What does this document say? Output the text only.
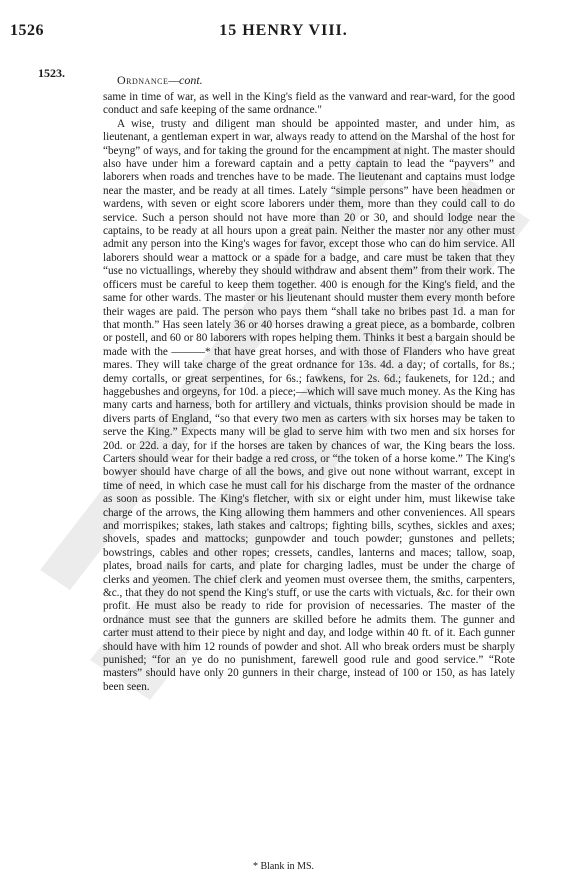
1526	15 HENRY VIII.
1523.	Ordnance—cont.

same in time of war, as well in the King's field as the vanward and rear-ward, for the good conduct and safe keeping of the same ordnance."

A wise, trusty and diligent man should be appointed master, and under him, as lieutenant, a gentleman expert in war, always ready to attend on the Marshal of the host for “beyng” of ways, and for taking the ground for the encampment at night. The master should also have under him a foreward captain and a petty captain to lead the “payvers” and laborers when roads and trenches have to be made. The lieutenant and captains must lodge near the master, and be ready at all times. Lately “simple persons” have been headmen or wardens, with seven or eight score laborers under them, more than they could call to do service. Such a person should not have more than 20 or 30, and should lodge near the captains, to be ready at all hours upon a great pain. Neither the master nor any other must admit any person into the King's wages for favor, except those who can do him service. All laborers should wear a mattock or a spade for a badge, and care must be taken that they “use no victuallings, whereby they should withdraw and absent them” from their work. The officers must be careful to keep them together. 400 is enough for the King's field, and the same for other wards. The master or his lieutenant should muster them every month before their wages are paid. The person who pays them “shall take no bribes past 1d. a man for that month.” Has seen lately 36 or 40 horses drawing a great piece, as a bombarde, colbren or postell, and 60 or 80 laborers with ropes helping them. Thinks it best a bargain should be made with the ———* that have great horses, and with those of Flanders who have great mares. They will take charge of the great ordnance for 13s. 4d. a day; of cortalls, for 8s.; demy cortalls, or great serpentines, for 6s.; fawkens, for 2s. 6d.; faukenets, for 12d.; and haggebushes and orgeyns, for 10d. a piece;—which will save much money. As the King has many carts and harness, both for artillery and victuals, thinks provision should be made in divers parts of England, “so that every two men as carters with six horses may be taken to serve the King.” Expects many will be glad to serve him with two men and six horses for 20d. or 22d. a day, for if the horses are taken by chances of war, the King bears the loss. Carters should wear for their badge a red cross, or “the token of a horse kome.” The King's bowyer should have charge of all the bows, and give out none without warrant, except in time of need, in which case he must call for his discharge from the master of the ordnance as soon as possible. The King's fletcher, with six or eight under him, must likewise take charge of the arrows, the King allowing them hammers and other conveniences. All spears and morrispikes; stakes, lath stakes and caltrops; fighting bills, scythes, sickles and axes; shovels, spades and mattocks; gunpowder and touch powder; gunstones and pellets; bowstrings, cables and other ropes; cressets, candles, lanterns and maces; tallow, soap, plates, broad nails for carts, and plate for charging ladles, must be under the charge of clerks and yeomen. The chief clerk and yeomen must oversee them, the smiths, carpenters, &c., that they do not spend the King's stuff, or use the carts with victuals, &c. for their own profit. He must also be ready to ride for provision of necessaries. The master of the ordnance must see that the gunners are skilled before he admits them. The gunner and carter must attend to their piece by night and day, and lodge within 40 ft. of it. Each gunner should have with him 12 rounds of powder and shot. All who break orders must be sharply punished; “for an ye do no punishment, farewell good rule and good service.” “Rote masters” should have only 20 gunners in their charge, instead of 100 or 150, as has lately been seen.

* Blank in MS.
